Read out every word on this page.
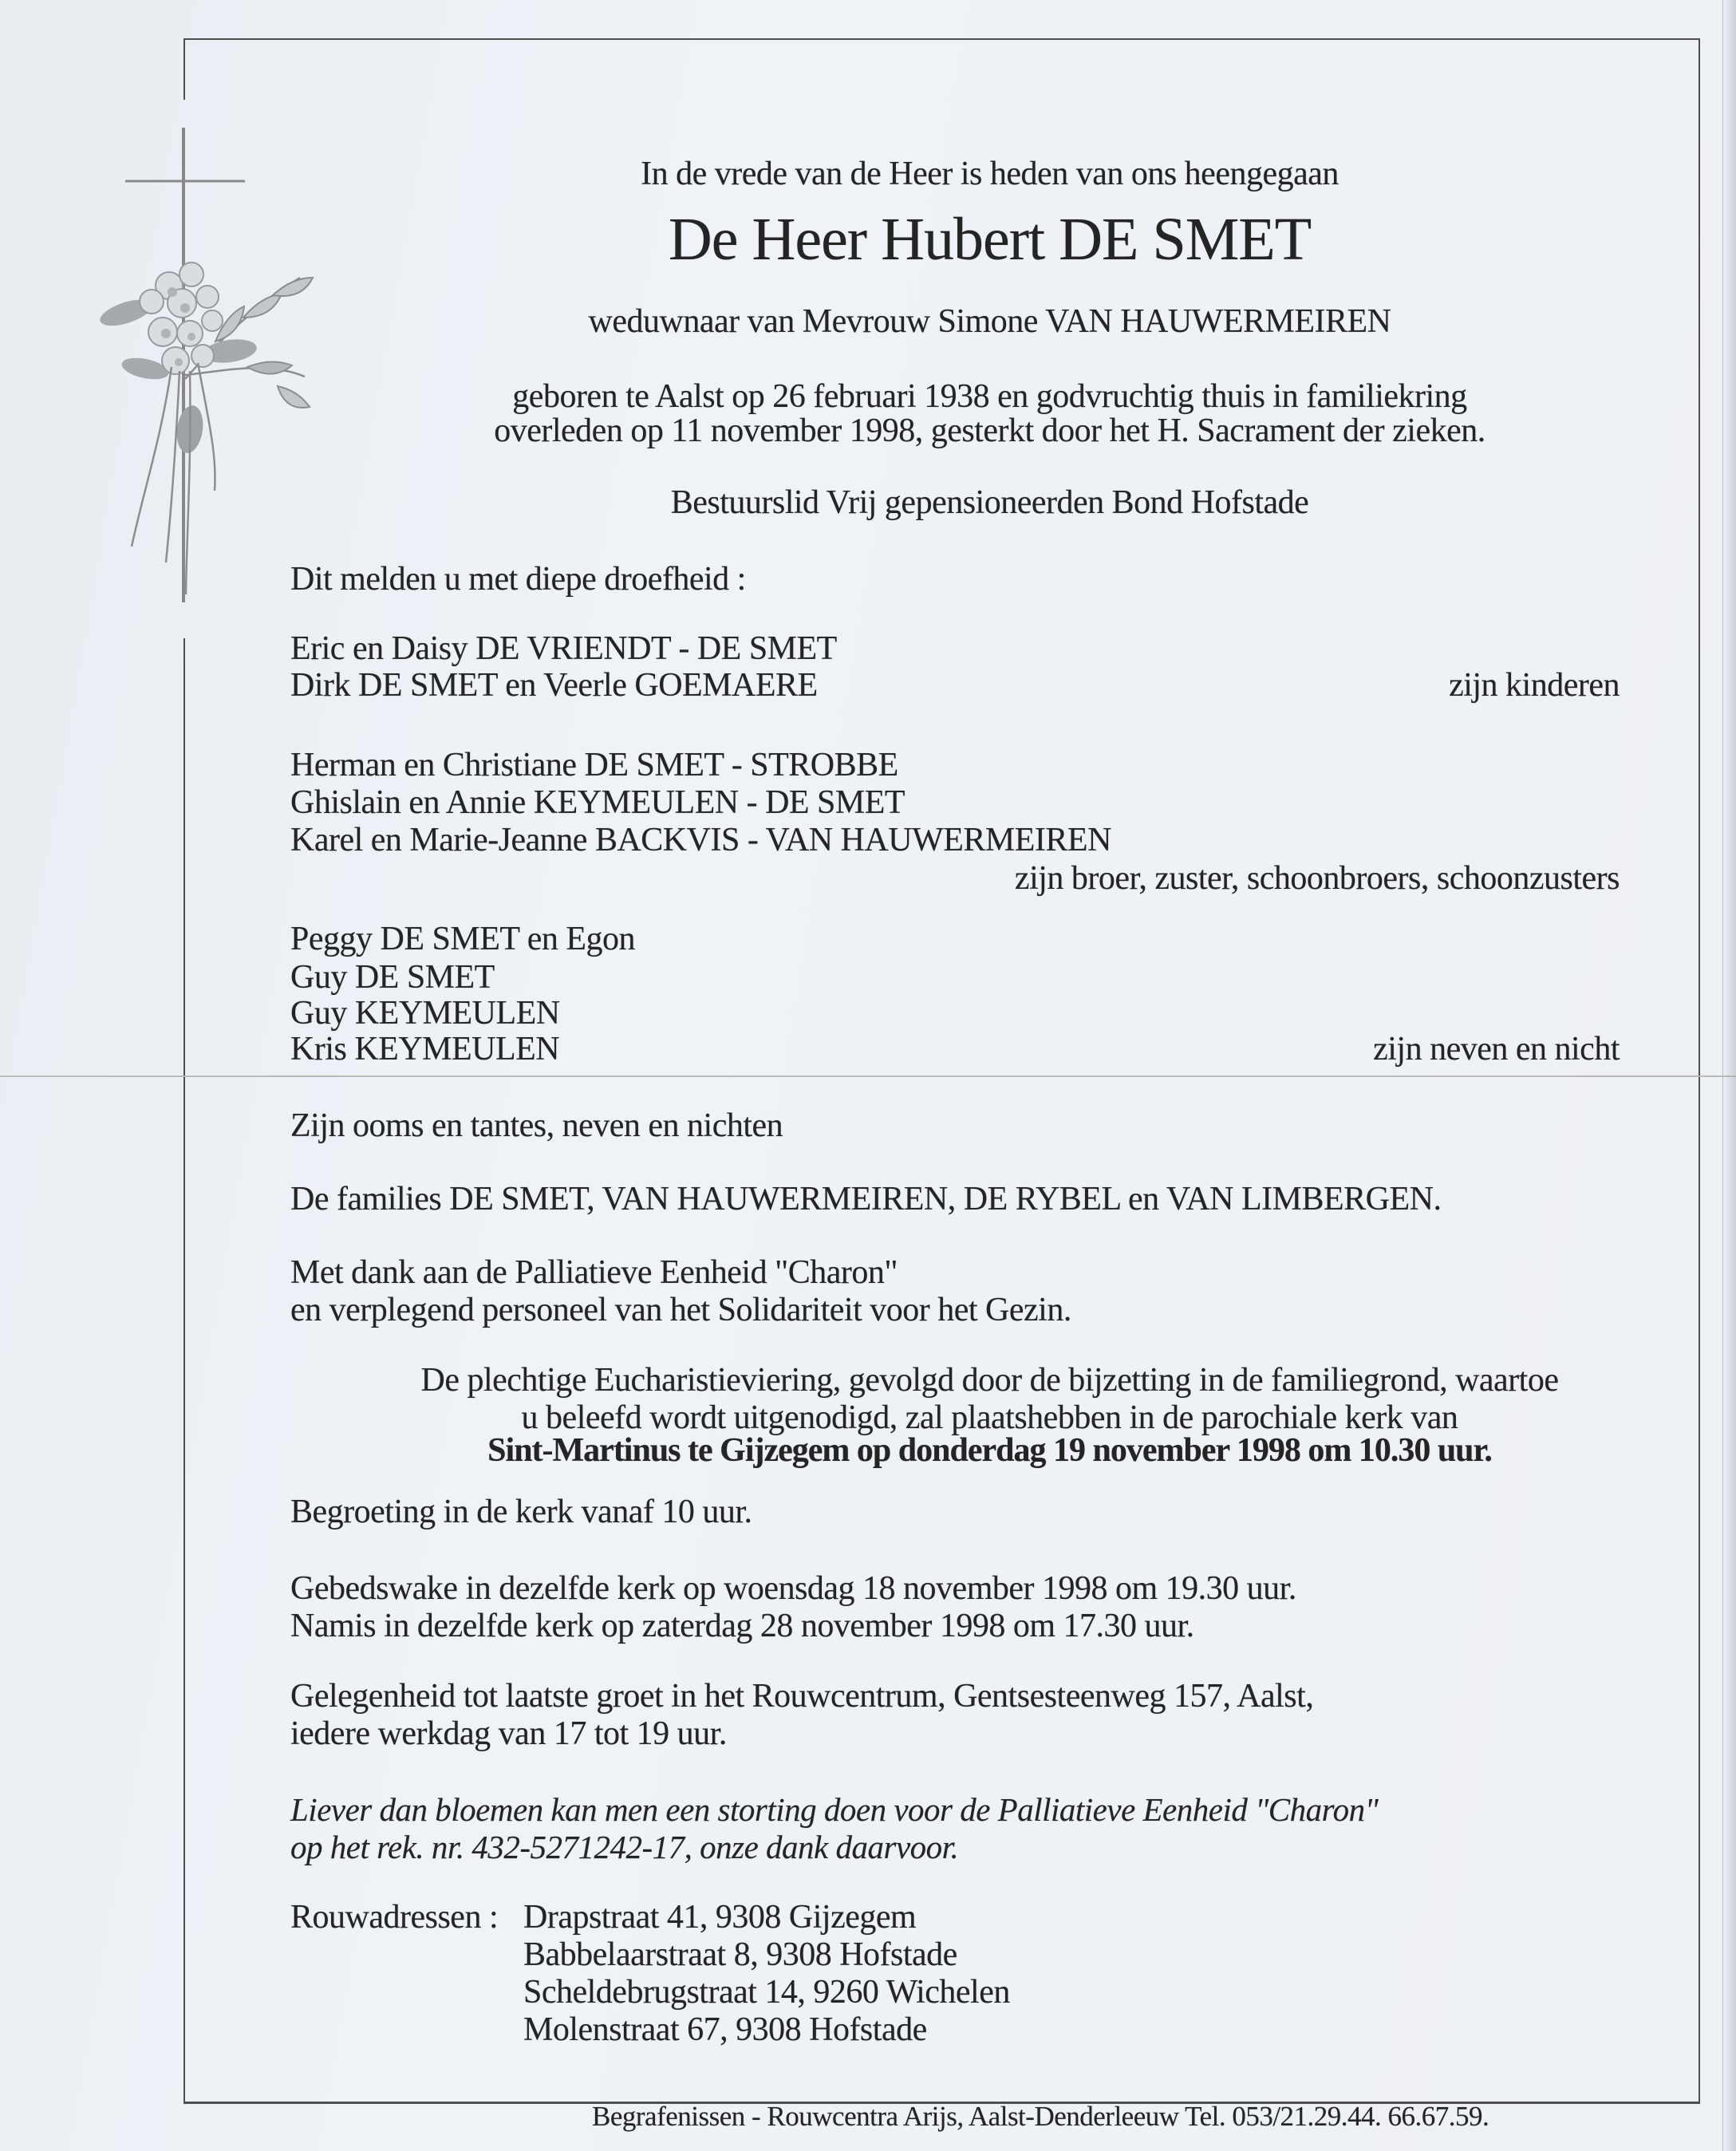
In de vrede van de Heer is heden van ons heengegaan
De Heer Hubert DE SMET
weduwnaar van Mevrouw Simone VAN HAUWERMEIREN
geboren te Aalst op 26 februari 1938 en godvruchtig thuis in familiekring
overleden op 11 november 1998, gesterkt door het H. Sacrament der zieken.
Bestuurslid Vrij gepensioneerden Bond Hofstade
Dit melden u met diepe droefheid :
Eric en Daisy DE VRIENDT - DE SMET
Dirk DE SMET en Veerle GOEMAERE	zijn kinderen
Herman en Christiane DE SMET - STROBBE
Ghislain en Annie KEYMEULEN - DE SMET
Karel en Marie-Jeanne BACKVIS - VAN HAUWERMEIREN
zijn broer, zuster, schoonbroers, schoonzusters
Peggy DE SMET en Egon
Guy DE SMET
Guy KEYMEULEN
Kris KEYMEULEN	zijn neven en nicht
Zijn ooms en tantes, neven en nichten
De families DE SMET, VAN HAUWERMEIREN, DE RYBEL en VAN LIMBERGEN.
Met dank aan de Palliatieve Eenheid "Charon"
en verplegend personeel van het Solidariteit voor het Gezin.
De plechtige Eucharistieviering, gevolgd door de bijzetting in de familiegrond, waartoe
u beleefd wordt uitgenodigd, zal plaatshebben in de parochiale kerk van
Sint-Martinus te Gijzegem op donderdag 19 november 1998 om 10.30 uur.
Begroeting in de kerk vanaf 10 uur.
Gebedswake in dezelfde kerk op woensdag 18 november 1998 om 19.30 uur.
Namis in dezelfde kerk op zaterdag 28 november 1998 om 17.30 uur.
Gelegenheid tot laatste groet in het Rouwcentrum, Gentsesteenweg 157, Aalst,
iedere werkdag van 17 tot 19 uur.
Liever dan bloemen kan men een storting doen voor de Palliatieve Eenheid "Charon"
op het rek. nr. 432-5271242-17, onze dank daarvoor.
Rouwadressen : Drapstraat 41, 9308 Gijzegem
Babbelaarstraat 8, 9308 Hofstade
Scheldebrugstraat 14, 9260 Wichelen
Molenstraat 67, 9308 Hofstade
Begrafenissen - Rouwcentra Arijs, Aalst-Denderleeuw Tel. 053/21.29.44. 66.67.59.
